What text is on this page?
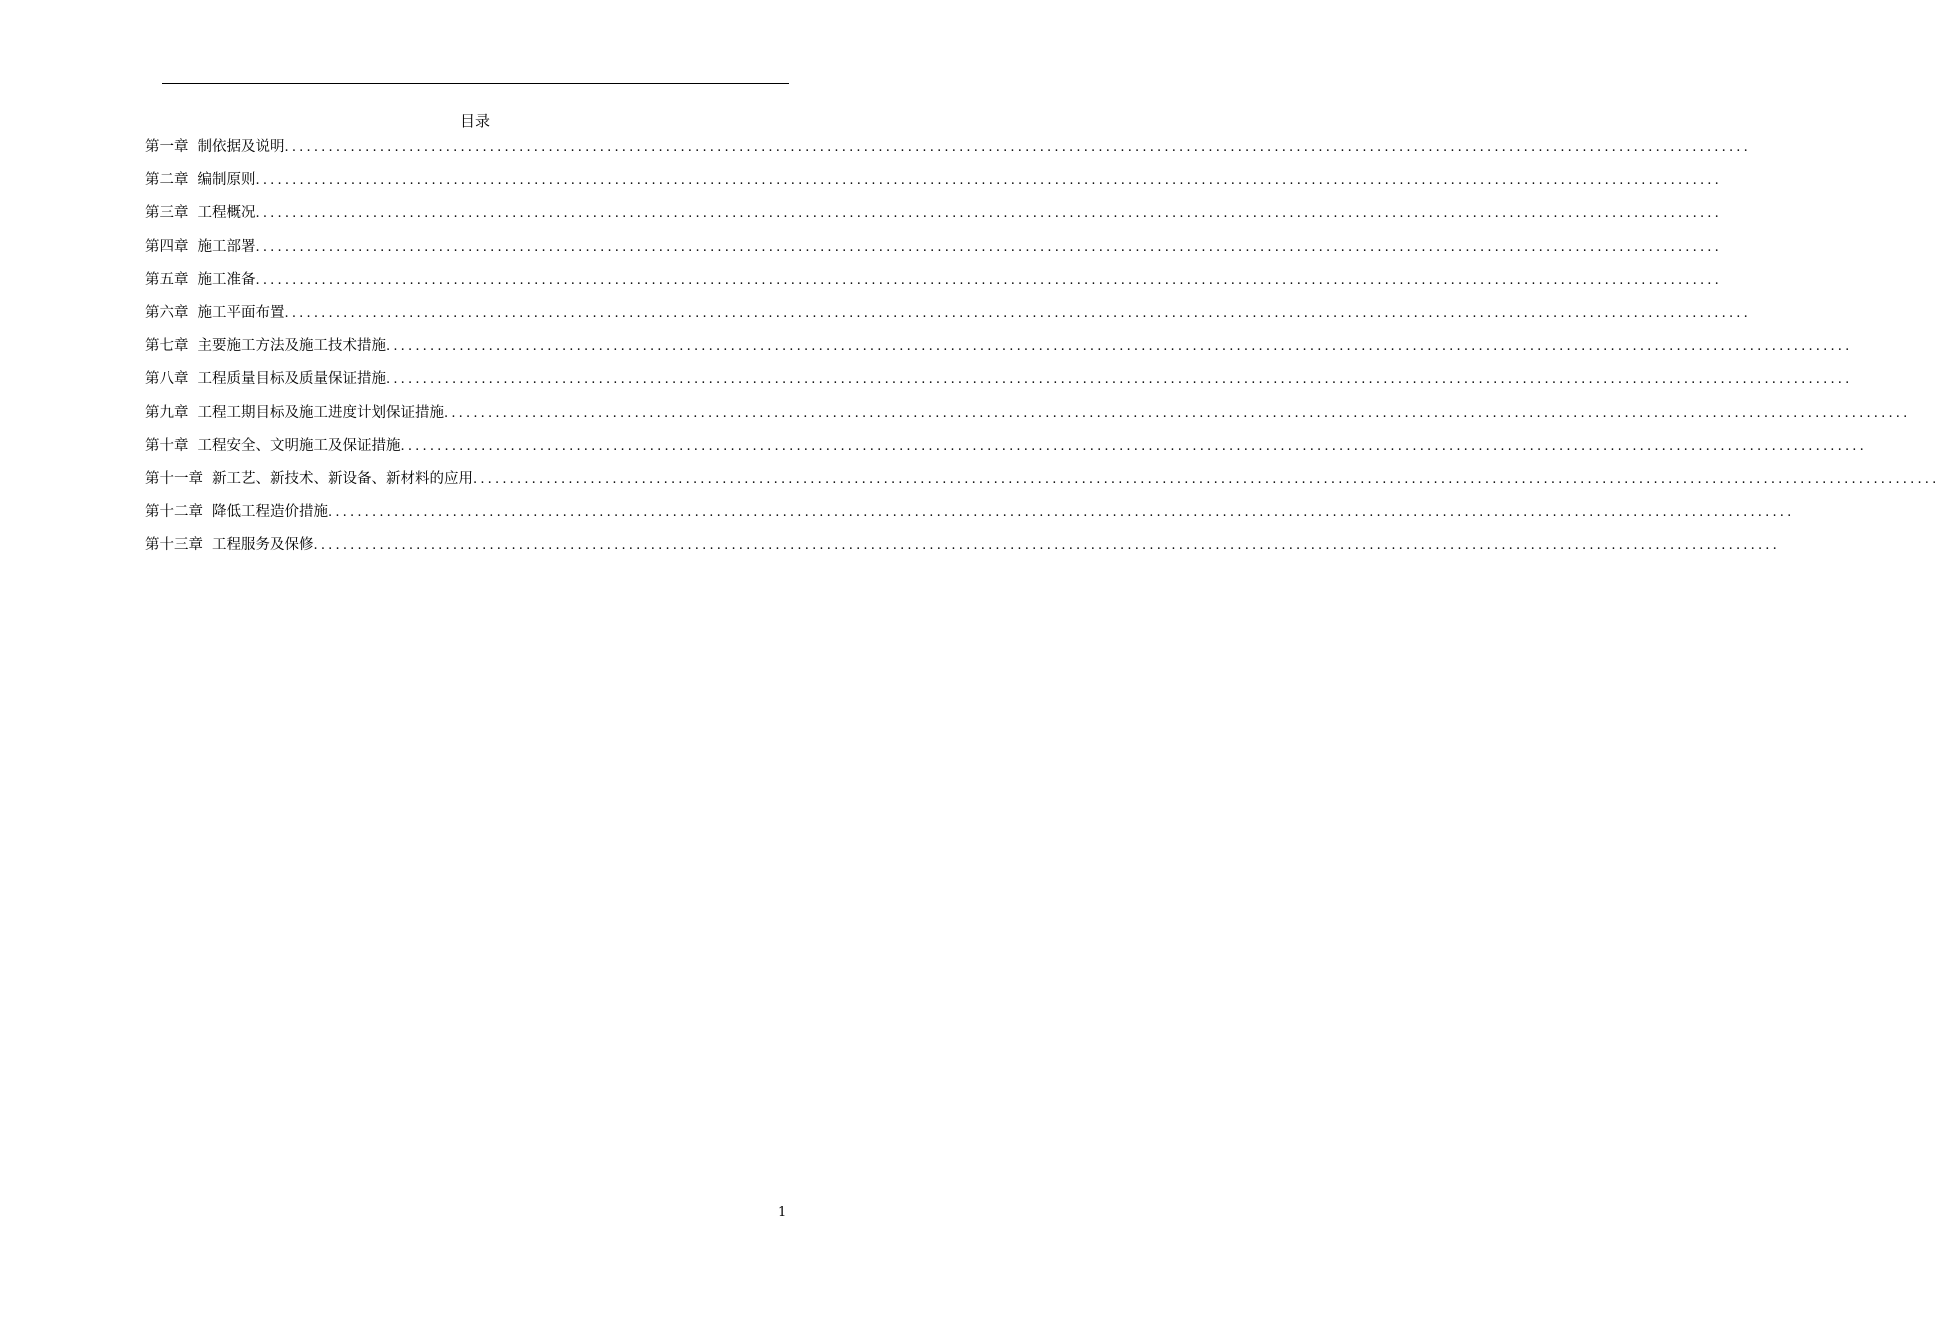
目录
第一章 制依据及说明 ........................................................................................................................................................................................................
第二章 编制原则 ........................................................................................................................................................................................................
第三章 工程概况 ........................................................................................................................................................................................................
第四章 施工部署 ........................................................................................................................................................................................................
第五章 施工准备 ........................................................................................................................................................................................................
第六章 施工平面布置 ........................................................................................................................................................................................................
第七章 主要施工方法及施工技术措施 ........................................................................................................................................................................................................
第八章 工程质量目标及质量保证措施 ........................................................................................................................................................................................................
第九章 工程工期目标及施工进度计划保证措施 ........................................................................................................................................................................................................
第十章 工程安全、文明施工及保证措施 ........................................................................................................................................................................................................
第十一章 新工艺、新技术、新设备、新材料的应用 ........................................................................................................................................................................................................
第十二章 降低工程造价措施 ........................................................................................................................................................................................................
第十三章 工程服务及保修 ........................................................................................................................................................................................................
1
